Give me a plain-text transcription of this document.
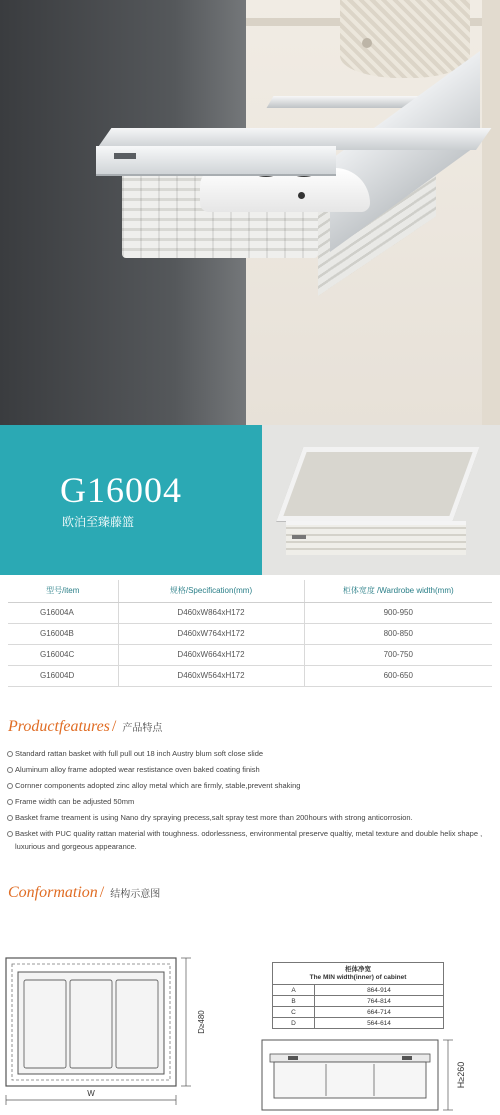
G16004
欧泊至臻藤篮
型号/item	规格/Specification(mm)	柜体宽度 /Wardrobe width(mm)
G16004A	D460xW864xH172	900-950
G16004B	D460xW764xH172	800-850
G16004C	D460xW664xH172	700-750
G16004D	D460xW564xH172	600-650
Productfeatures / 产品特点
Standard rattan basket with full pull out 18 inch Austry blum soft close slide
Aluminum alloy frame adopted wear restistance oven baked coating finish
Cornner components adopted zinc alloy metal which are firmly, stable,prevent shaking
Frame width can be adjusted 50mm
Basket frame treament is using Nano dry spraying precess,salt spray test more than 200hours with strong anticorrosion.
Basket with PUC quality rattan material with toughness. odorlessness, environmental preserve qualtiy, metal texture and double helix shape , luxurious and gorgeous appearance.
Conformation / 结构示意图
D≥480
W
柜体净宽
The MIN width(inner) of cabinet	

A	864-914
B	764-814
C	664-714
D	564-614
H≥260
